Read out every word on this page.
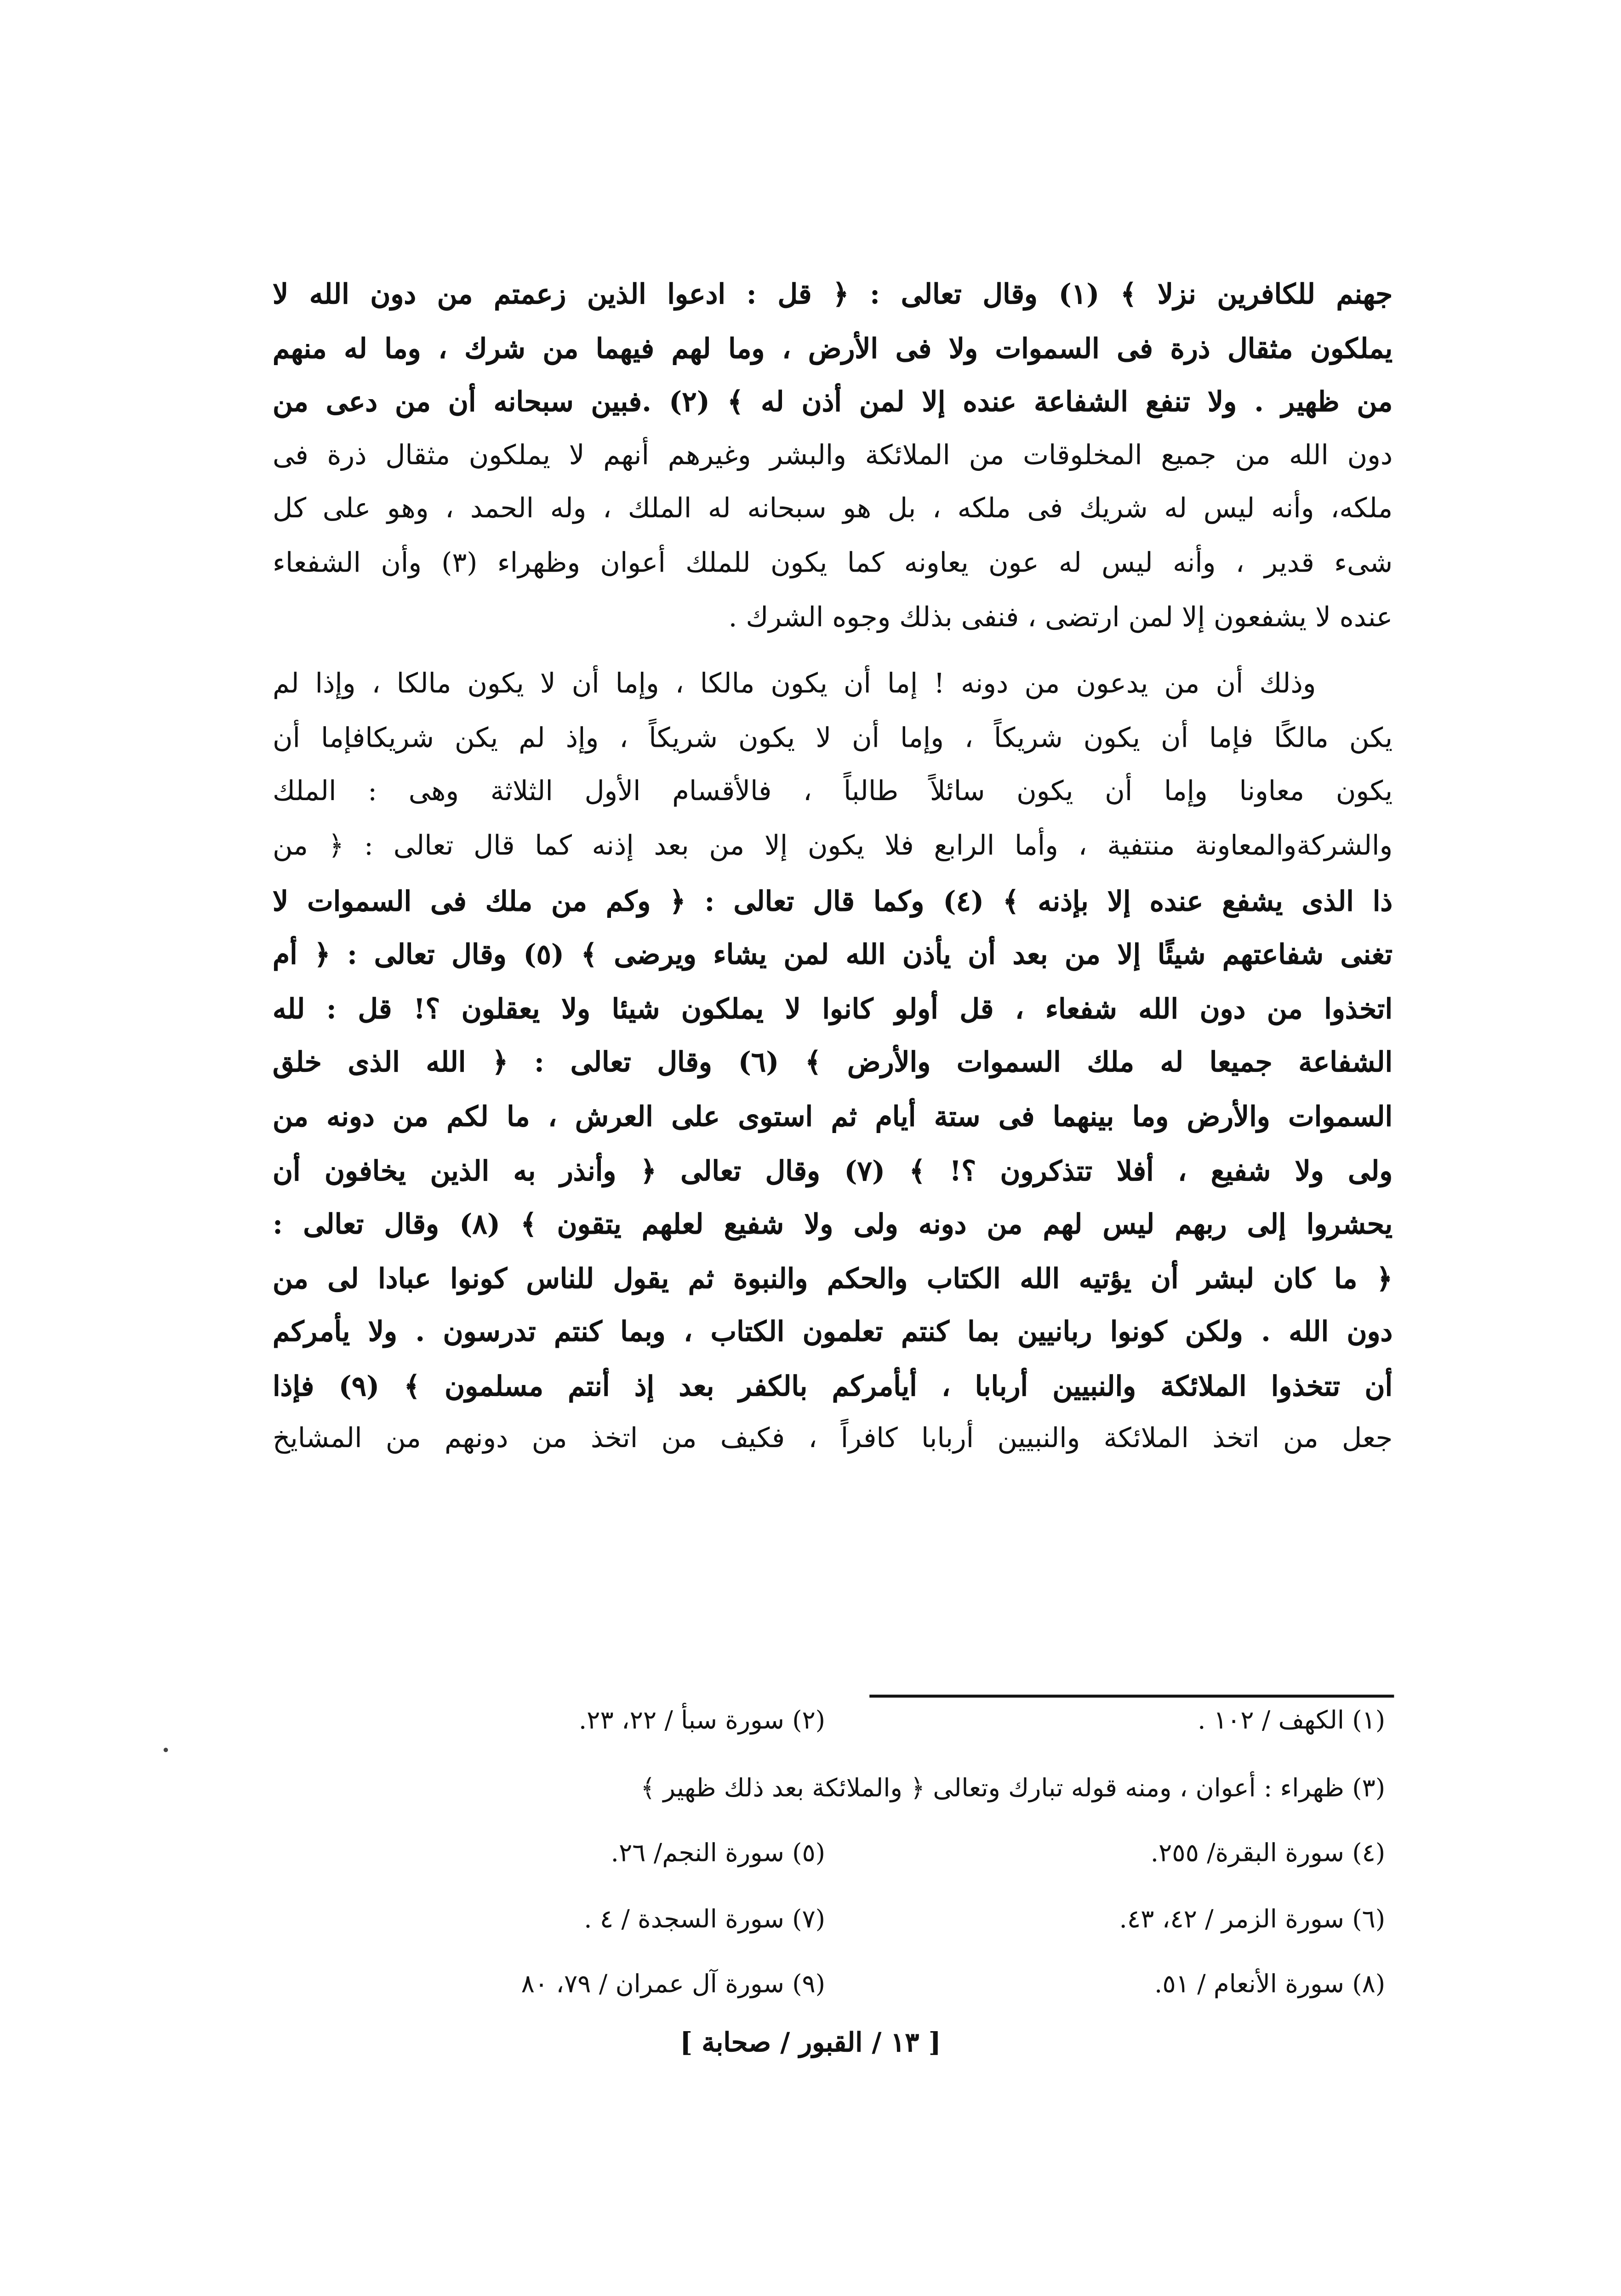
جهنم للكافرين نزلا ﴾ (١) وقال تعالى : ﴿ قل : ادعوا الذين زعمتم من دون الله لا
يملكون مثقال ذرة فى السموات ولا فى الأرض ، وما لهم فيهما من شرك ، وما له منهم
من ظهير . ولا تنفع الشفاعة عنده إلا لمن أذن له ﴾ (٢) .فبين سبحانه أن من دعى من
دون الله من جميع المخلوقات من الملائكة والبشر وغيرهم أنهم لا يملكون مثقال ذرة فى
ملكه، وأنه ليس له شريك فى ملكه ، بل هو سبحانه له الملك ، وله الحمد ، وهو على كل
شىء قدير ، وأنه ليس له عون يعاونه كما يكون للملك أعوان وظهراء (٣) وأن الشفعاء
عنده لا يشفعون إلا لمن ارتضى ، فنفى بذلك وجوه الشرك .

وذلك أن من يدعون من دونه ! إما أن يكون مالكا ، وإما أن لا يكون مالكا ، وإذا لم
يكن مالكًا فإما أن يكون شريكاً ، وإما أن لا يكون شريكاً ، وإذ لم يكن شريكافإما أن
يكون معاونا وإما أن يكون سائلاً طالباً ، فالأقسام الأول الثلاثة وهى : الملك
والشركةوالمعاونة منتفية ، وأما الرابع فلا يكون إلا من بعد إذنه كما قال تعالى : ﴿ من
ذا الذى يشفع عنده إلا بإذنه ﴾ (٤) وكما قال تعالى : ﴿ وكم من ملك فى السموات لا
تغنى شفاعتهم شيئًا إلا من بعد أن يأذن الله لمن يشاء ويرضى ﴾ (٥) وقال تعالى : ﴿ أم
اتخذوا من دون الله شفعاء ، قل أولو كانوا لا يملكون شيئا ولا يعقلون ؟! قل : لله
الشفاعة جميعا له ملك السموات والأرض ﴾ (٦) وقال تعالى : ﴿ الله الذى خلق
السموات والأرض وما بينهما فى ستة أيام ثم استوى على العرش ، ما لكم من دونه من
ولى ولا شفيع ، أفلا تتذكرون ؟! ﴾ (٧) وقال تعالى ﴿ وأنذر به الذين يخافون أن
يحشروا إلى ربهم ليس لهم من دونه ولى ولا شفيع لعلهم يتقون ﴾ (٨) وقال تعالى :
﴿ ما كان لبشر أن يؤتيه الله الكتاب والحكم والنبوة ثم يقول للناس كونوا عبادا لى من
دون الله . ولكن كونوا ربانيين بما كنتم تعلمون الكتاب ، وبما كنتم تدرسون . ولا يأمركم
أن تتخذوا الملائكة والنبيين أربابا ، أيأمركم بالكفر بعد إذ أنتم مسلمون ﴾ (٩) فإذا
جعل من اتخذ الملائكة والنبيين أربابا كافراً ، فكيف من اتخذ من دونهم من المشايخ

(١) الكهف / ١٠٢ .
(٢) سورة سبأ / ٢٢، ٢٣.
(٣) ظهراء : أعوان ، ومنه قوله تبارك وتعالى ﴿ والملائكة بعد ذلك ظهير ﴾
(٤) سورة البقرة/ ٢٥٥.
(٥) سورة النجم/ ٢٦.
(٦) سورة الزمر / ٤٢، ٤٣.
(٧) سورة السجدة / ٤ .
(٨) سورة الأنعام / ٥١.
(٩) سورة آل عمران / ٧٩، ٨٠
[ ١٣ / القبور / صحابة ]
